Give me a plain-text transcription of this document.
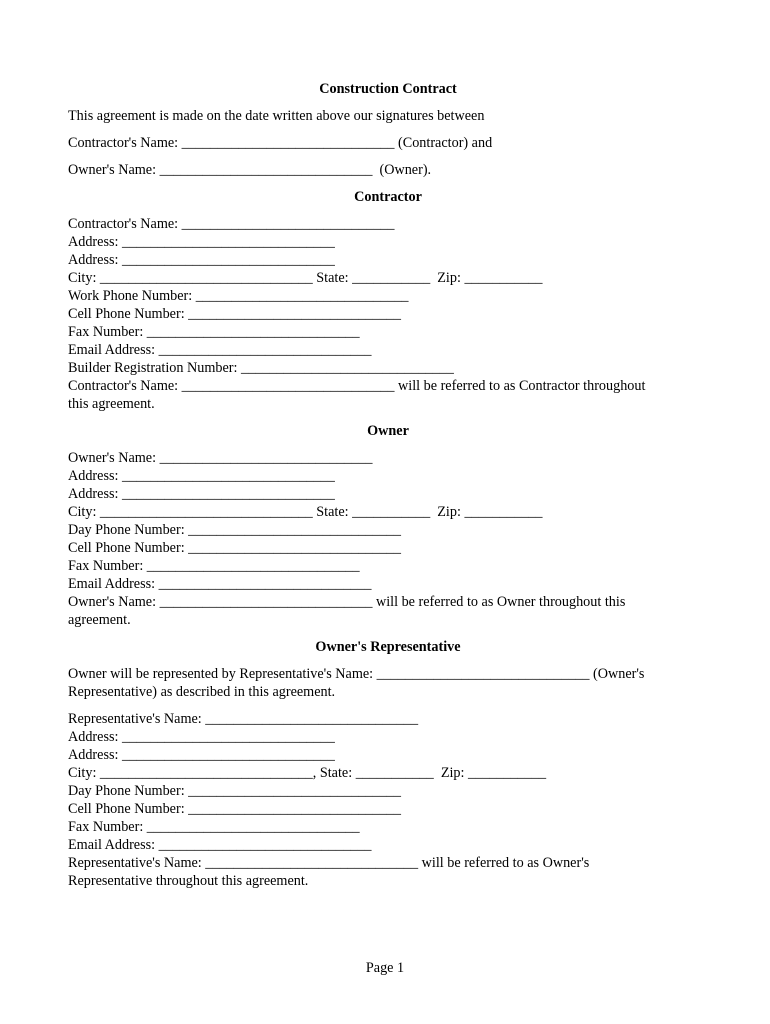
Construction Contract

This agreement is made on the date written above our signatures between

Contractor's Name: ______________________________ (Contractor) and

Owner's Name: ______________________________  (Owner).

Contractor

Contractor's Name: ______________________________

Address: ______________________________

Address: ______________________________

City: ______________________________ State: ___________  Zip: ___________

Work Phone Number: ______________________________

Cell Phone Number: ______________________________

Fax Number: ______________________________

Email Address: ______________________________

Builder Registration Number: ______________________________

Contractor's Name: ______________________________ will be referred to as Contractor throughout

this agreement.

Owner

Owner's Name: ______________________________

Address: ______________________________

Address: ______________________________

City: ______________________________ State: ___________  Zip: ___________

Day Phone Number: ______________________________

Cell Phone Number: ______________________________

Fax Number: ______________________________

Email Address: ______________________________

Owner's Name: ______________________________ will be referred to as Owner throughout this

agreement.

Owner's Representative

Owner will be represented by Representative's Name: ______________________________ (Owner's

Representative) as described in this agreement.

Representative's Name: ______________________________

Address: ______________________________

Address: ______________________________

City: ______________________________, State: ___________  Zip: ___________

Day Phone Number: ______________________________

Cell Phone Number: ______________________________

Fax Number: ______________________________

Email Address: ______________________________

Representative's Name: ______________________________ will be referred to as Owner's

Representative throughout this agreement.

Page 1
